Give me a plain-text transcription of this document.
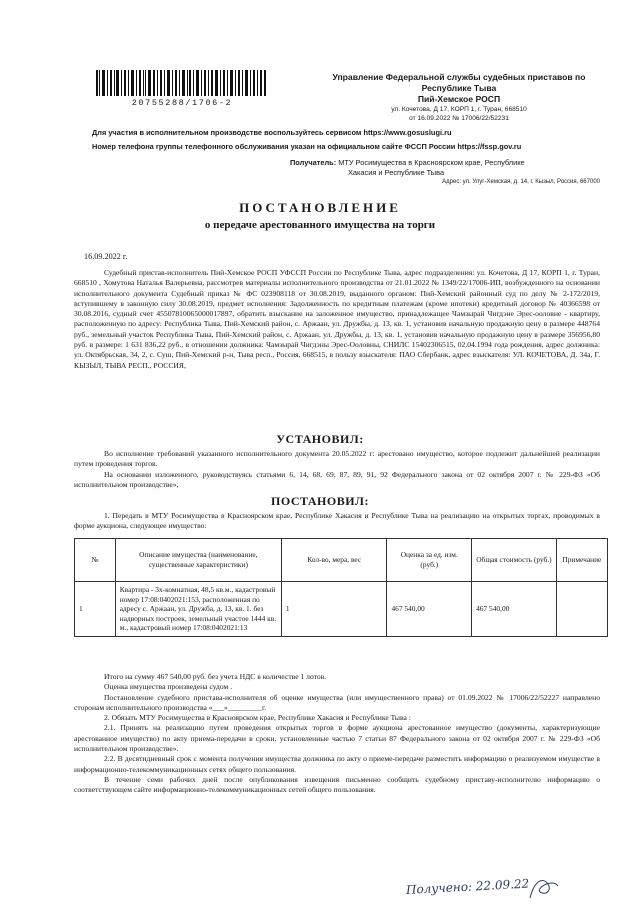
20755288/1706-2
Управление Федеральной службы судебных приставов по
Республике Тыва
Пий-Хемское РОСП
ул. Кочетова, Д 17, КОРП 1, г. Туран, 668510
от 16.09.2022 № 17006/22/52231
Для участия в исполнительном производстве воспользуйтесь сервисом https://www.gosuslugi.ru
Номер телефона группы телефонного обслуживания указан на официальном сайте ФССП России https://fssp.gov.ru
Получатель: МТУ Росимущества в Красноярском крае, Республике
Хакасия и Республике Тыва
Адрес: ул. Улуг-Хемская, д. 14, г. Кызыл, Россия, 667000
ПОСТАНОВЛЕНИЕ
о передаче арестованного имущества на торги
16.09.2022 г.

Судебный пристав-исполнитель Пий-Хемское РОСП УФССП России по Республике Тыва, адрес подразделения: ул. Кочетова, Д 17, КОРП 1, г. Туран, 668510 , Хомутова Наталья Валерьевна, рассмотрев материалы исполнительного производства от 21.01.2022 № 1349/22/17006-ИП, возбужденного на основании исполнительного документа Судебный приказ № ФС 023908118 от 30.08.2019, выданного органом: Пий-Хемский районный суд по делу № 2-172/2019, вступившему в законную силу 30.08.2019, предмет исполнения: Задолженность по кредитным платежам (кроме ипотеки) кредитный договор № 40366598 от 30.08.2016, судный счет 45507810065000017897, обратить взыскание на заложенное имущество, принадлежащее Чамзырай Чигдэне Эрес-ооловне - квартиру, расположенную по адресу: Республика Тыва, Пий-Хемский район, с. Аржаан, ул. Дружбы, д. 13, кв. 1, установив начальную продажную цену в размере 448764 руб., земельный участок Республика Тыва, Пий-Хемский район, с. Аржаан, ул. Дружбы, д. 13, кв. 1, установив начальную продажную цену в размере 356956,80 руб. в размере: 1 631 836,22 руб., в отношении должника: Чамзырай Чигдэны Эрес-Ооловны, СНИЛС 15402306515, 02.04.1994 года рождения, адрес должника: ул. Октябрьская, 34, 2, с. Суш, Пий-Хемский р-н, Тыва респ., Россия, 668515, в пользу взыскателя: ПАО Сбербанк, адрес взыскателя: УЛ. КОЧЕТОВА, Д. 34а, Г. КЫЗЫЛ, ТЫВА РЕСП., РОССИЯ,

УСТАНОВИЛ:

Во исполнение требований указанного исполнительного документа 20.05.2022 г: арестовано имущество, которое подлежит дальнейшей реализации путем проведения торгов.

На основании изложенного, руководствуясь статьями 6, 14, 68, 69, 87, 89, 91, 92 Федерального закона от 02 октября 2007 г. № 229-ФЗ «Об исполнительном производстве»,

ПОСТАНОВИЛ:

1. Передать в МТУ Росимущества в Красноярском крае, Республике Хакасия и Республике Тыва на реализацию на открытых торгах, проводимых в форме аукциона, следующее имущество:

№	Описание имущества (наименование, существенные характеристики)	Кол-во, мера, вес	Оценка за ед. изм. (руб.)	Общая стоимость (руб.)	Примечание
1	Квартира - 3х-комнатная, 48,5 кв.м., кадастровый номер 17:08:0402021:153, расположенная по адресу с. Аржаан, ул. Дружба, д. 13, кв. 1. без надворных построек, земельный участое 1444 кв. м., кадастровый номер 17:08:0402021:13	1	467 540,00	467 540,00	

Итого на сумму 467 540,00 руб. без учета НДС в количестве 1 лотов.

Оценка имущества произведена судом .

Постановление судебного пристава-исполнителя об оценке имущества (или имущественного права) от 01.09.2022 № 17006/22/52227 направлено сторонам исполнительного производства «___»_________г.

2. Обязать МТУ Росимущества в Красноярском крае, Республике Хакасия и Республике Тыва :

2.1. Принять на реализацию путем проведения открытых торгов в форме аукциона арестованное имущество (документы, характеризующие арестованное имущество) по акту приема-передачи в сроки, установленные частью 7 статьи 87 Федерального закона от 02 октября 2007 г. № 229-ФЗ «Об исполнительном производстве».

2.2. В десятидневный срок с момента получения имущества должника по акту о приеме-передаче разместить информацию о реализуемом имуществе в информационно-телекоммуникационных сетях общего пользования.

В течение семи рабочих дней после опубликования извещения письменно сообщить судебному приставу-исполнителю информацию о соответствующем сайте информационно-телекоммуникационных сетей общего пользования.

Получено: 22.09.22
